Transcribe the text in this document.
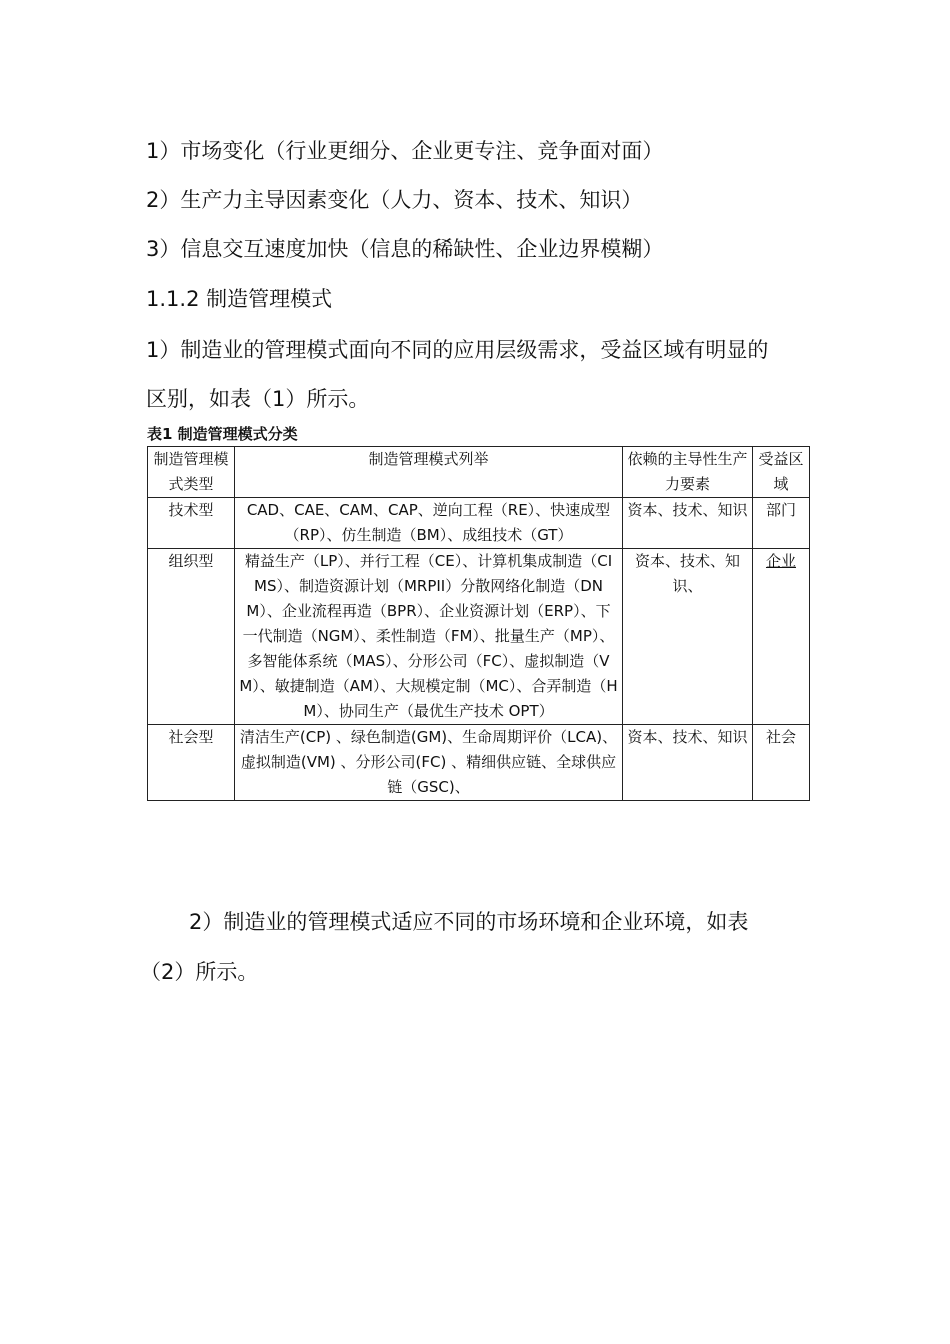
1）市场变化（行业更细分、企业更专注、竞争面对面）

2）生产力主导因素变化（人力、资本、技术、知识）

3）信息交互速度加快（信息的稀缺性、企业边界模糊）

1.1.2 制造管理模式

1）制造业的管理模式面向不同的应用层级需求，受益区域有明显的

区别，如表（1）所示。

表1 制造管理模式分类

制造管理模式类型	制造管理模式列举	依赖的主导性生产力要素	受益区域
技术型	CAD、CAE、CAM、CAP、逆向工程（RE）、快速成型（RP）、仿生制造（BM）、成组技术（GT）	资本、技术、知识	部门
组织型	精益生产（LP）、并行工程（CE）、计算机集成制造（CIMS）、制造资源计划（MRPII）分散网络化制造（DNM）、企业流程再造（BPR）、企业资源计划（ERP）、下一代制造（NGM）、柔性制造（FM）、批量生产（MP）、多智能体系统（MAS）、分形公司（FC）、虚拟制造（VM）、敏捷制造（AM）、大规模定制（MC）、合弄制造（HM）、协同生产（最优生产技术 OPT）	资本、技术、知识、	企业
社会型	清洁生产(CP) 、绿色制造(GM)、生命周期评价（LCA)、虚拟制造(VM) 、分形公司(FC) 、精细供应链、全球供应链（GSC)、	资本、技术、知识	社会

2）制造业的管理模式适应不同的市场环境和企业环境，如表

（2）所示。
